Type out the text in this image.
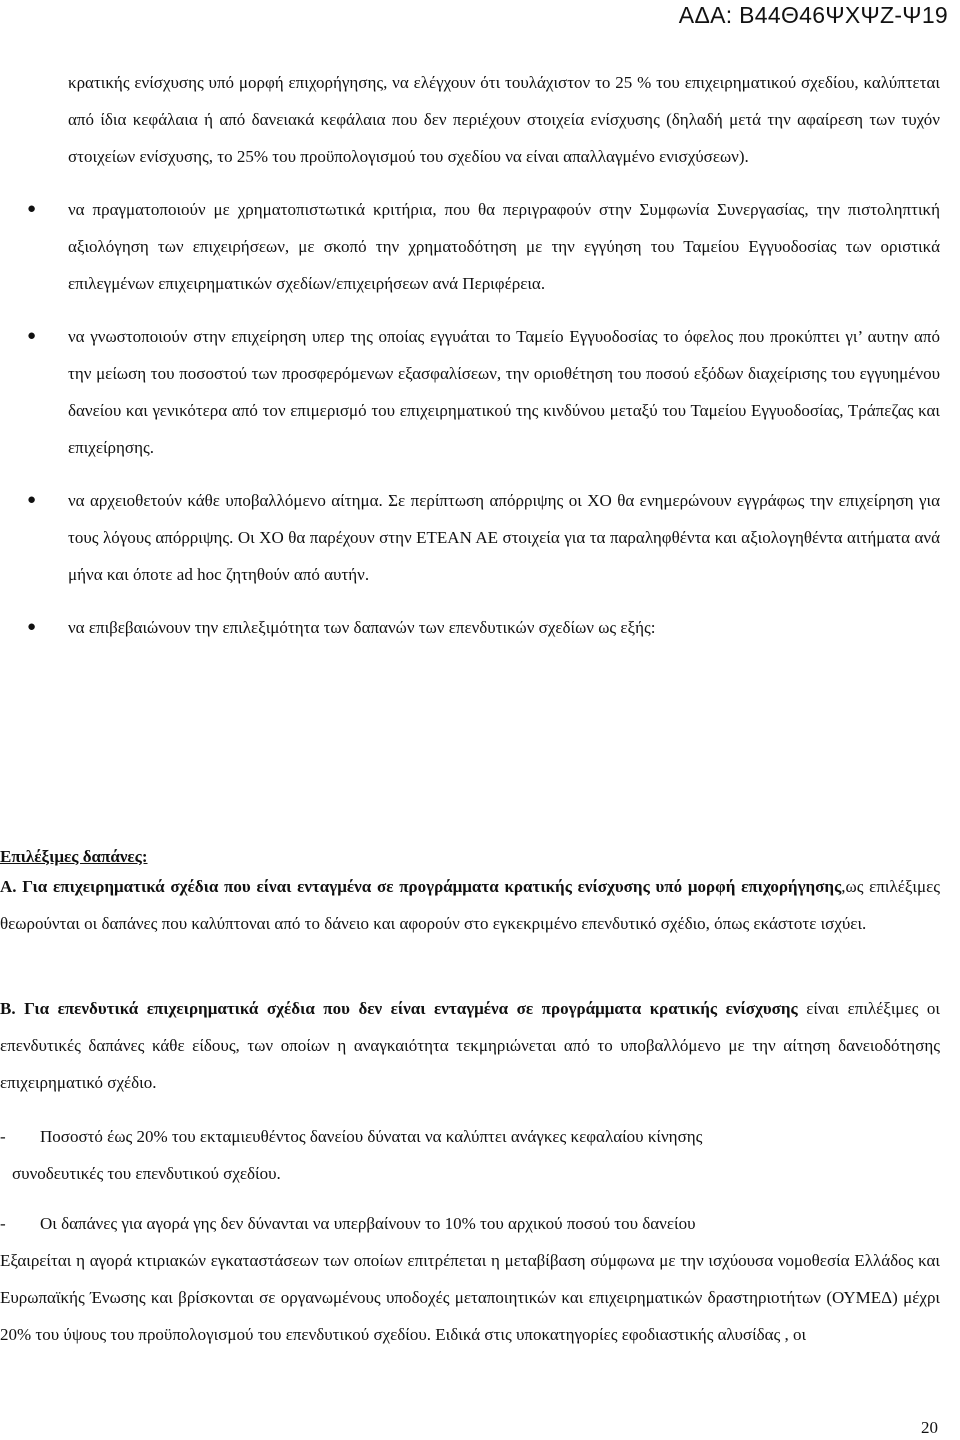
ΑΔΑ: Β44Θ46ΨΧΨΖ-Ψ19

κρατικής ενίσχυσης υπό μορφή επιχορήγησης, να ελέγχουν ότι τουλάχιστον το 25 % του επιχειρηματικού σχεδίου, καλύπτεται από ίδια κεφάλαια ή από δανειακά κεφάλαια που δεν περιέχουν στοιχεία ενίσχυσης (δηλαδή μετά την αφαίρεση των τυχόν στοιχείων ενίσχυσης, το 25% του προϋπολογισμού του σχεδίου να είναι απαλλαγμένο ενισχύσεων).

● να πραγματοποιούν με χρηματοπιστωτικά κριτήρια, που θα περιγραφούν στην Συμφωνία Συνεργασίας, την πιστοληπτική αξιολόγηση των επιχειρήσεων, με σκοπό την χρηματοδότηση με την εγγύηση του Ταμείου Εγγυοδοσίας των οριστικά επιλεγμένων επιχειρηματικών σχεδίων/επιχειρήσεων ανά Περιφέρεια.
● να γνωστοποιούν στην επιχείρηση υπερ της οποίας εγγυάται το Ταμείο Εγγυοδοσίας το όφελος που προκύπτει γι’ αυτην από την μείωση του ποσοστού των προσφερόμενων εξασφαλίσεων, την οριοθέτηση του ποσού εξόδων διαχείρισης του εγγυημένου δανείου και γενικότερα από τον επιμερισμό του επιχειρηματικού της κινδύνου μεταξύ του Ταμείου Εγγυοδοσίας, Τράπεζας και επιχείρησης.
● να αρχειοθετούν κάθε υποβαλλόμενο αίτημα. Σε περίπτωση απόρριψης οι ΧΟ θα ενημερώνουν εγγράφως την επιχείρηση για τους λόγους απόρριψης. Οι ΧΟ θα παρέχουν στην ΕΤΕΑΝ ΑΕ στοιχεία για τα παραληφθέντα και αξιολογηθέντα αιτήματα ανά μήνα και όποτε ad hoc ζητηθούν από αυτήν.
● να επιβεβαιώνουν την επιλεξιμότητα των δαπανών των επενδυτικών σχεδίων ως εξής:

Επιλέξιμες δαπάνες:

Α. Για επιχειρηματικά σχέδια που είναι ενταγμένα σε προγράμματα κρατικής ενίσχυσης υπό μορφή επιχορήγησης,ως επιλέξιμες θεωρούνται οι δαπάνες που καλύπτοναι από το δάνειο και αφορούν στο εγκεκριμένο επενδυτικό σχέδιο, όπως εκάστοτε ισχύει.

Β. Για επενδυτικά επιχειρηματικά σχέδια που δεν είναι ενταγμένα σε προγράμματα κρατικής ενίσχυσης είναι επιλέξιμες οι επενδυτικές δαπάνες κάθε είδους, των οποίων η αναγκαιότητα τεκμηριώνεται από το υποβαλλόμενο με την αίτηση δανειοδότησης επιχειρηματικό σχέδιο.

-	Ποσοστό έως 20% του εκταμιευθέντος δανείου δύναται να καλύπτει ανάγκες κεφαλαίου κίνησης

συνοδευτικές του επενδυτικού σχεδίου.

-	Οι δαπάνες για αγορά γης δεν δύνανται να υπερβαίνουν το 10% του αρχικού ποσού του δανείου

Εξαιρείται η αγορά κτιριακών εγκαταστάσεων των οποίων επιτρέπεται η μεταβίβαση σύμφωνα με την ισχύουσα νομοθεσία Ελλάδος και Ευρωπαϊκής Ένωσης και βρίσκονται σε οργανωμένους υποδοχές μεταποιητικών και επιχειρηματικών δραστηριοτήτων (ΟΥΜΕΔ) μέχρι 20% του ύψους του προϋπολογισμού του επενδυτικού σχεδίου. Ειδικά στις υποκατηγορίες εφοδιαστικής αλυσίδας , οι

20
